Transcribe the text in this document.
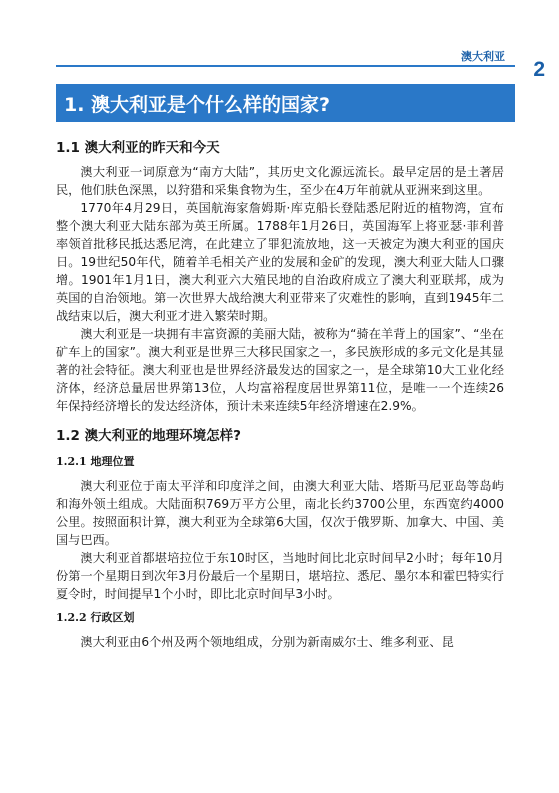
澳大利亚
2
1. 澳大利亚是个什么样的国家?
1.1 澳大利亚的昨天和今天

澳大利亚一词原意为“南方大陆”，其历史文化源远流长。最早定居的是土著居民，他们肤色深黑，以狩猎和采集食物为生，至少在4万年前就从亚洲来到这里。

1770年4月29日，英国航海家詹姆斯·库克船长登陆悉尼附近的植物湾，宣布整个澳大利亚大陆东部为英王所属。1788年1月26日，英国海军上将亚瑟·菲利普率领首批移民抵达悉尼湾，在此建立了罪犯流放地，这一天被定为澳大利亚的国庆日。19世纪50年代，随着羊毛相关产业的发展和金矿的发现，澳大利亚大陆人口骤增。1901年1月1日，澳大利亚六大殖民地的自治政府成立了澳大利亚联邦，成为英国的自治领地。第一次世界大战给澳大利亚带来了灾难性的影响，直到1945年二战结束以后，澳大利亚才进入繁荣时期。

澳大利亚是一块拥有丰富资源的美丽大陆，被称为“骑在羊背上的国家”、“坐在矿车上的国家”。澳大利亚是世界三大移民国家之一，多民族形成的多元文化是其显著的社会特征。澳大利亚也是世界经济最发达的国家之一，是全球第10大工业化经济体，经济总量居世界第13位，人均富裕程度居世界第11位，是唯一一个连续26年保持经济增长的发达经济体，预计未来连续5年经济增速在2.9%。

1.2 澳大利亚的地理环境怎样?
1.2.1 地理位置

澳大利亚位于南太平洋和印度洋之间，由澳大利亚大陆、塔斯马尼亚岛等岛屿和海外领土组成。大陆面积769万平方公里，南北长约3700公里，东西宽约4000公里。按照面积计算，澳大利亚为全球第6大国，仅次于俄罗斯、加拿大、中国、美国与巴西。

澳大利亚首都堪培拉位于东10时区，当地时间比北京时间早2小时；每年10月份第一个星期日到次年3月份最后一个星期日，堪培拉、悉尼、墨尔本和霍巴特实行夏令时，时间提早1个小时，即比北京时间早3小时。

1.2.2 行政区划

澳大利亚由6个州及两个领地组成，分别为新南威尔士、维多利亚、昆
